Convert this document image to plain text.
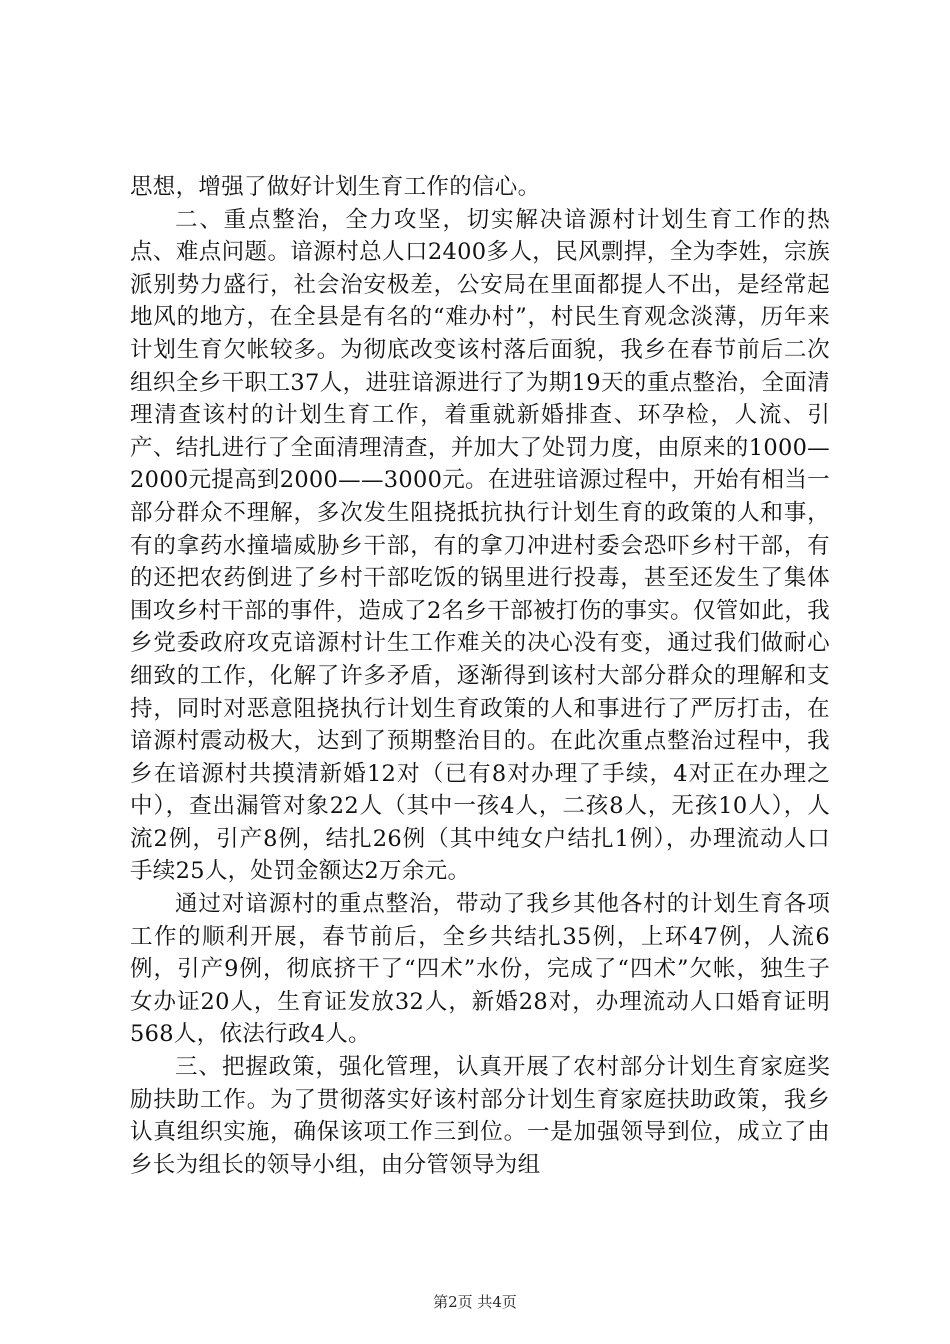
思想，增强了做好计划生育工作的信心。

二、重点整治，全力攻坚，切实解决谙源村计划生育工作的热点、难点问题。谙源村总人口2400多人，民风剽捍，全为李姓，宗族派别势力盛行，社会治安极差，公安局在里面都提人不出，是经常起地风的地方，在全县是有名的“难办村”，村民生育观念淡薄，历年来计划生育欠帐较多。为彻底改变该村落后面貌，我乡在春节前后二次组织全乡干职工37人，进驻谙源进行了为期19天的重点整治，全面清理清查该村的计划生育工作，着重就新婚排查、环孕检，人流、引产、结扎进行了全面清理清查，并加大了处罚力度，由原来的1000—2000元提高到2000——3000元。在进驻谙源过程中，开始有相当一部分群众不理解，多次发生阻挠抵抗执行计划生育的政策的人和事，有的拿药水撞墙威胁乡干部，有的拿刀冲进村委会恐吓乡村干部，有的还把农药倒进了乡村干部吃饭的锅里进行投毒，甚至还发生了集体围攻乡村干部的事件，造成了2名乡干部被打伤的事实。仅管如此，我乡党委政府攻克谙源村计生工作难关的决心没有变，通过我们做耐心细致的工作，化解了许多矛盾，逐渐得到该村大部分群众的理解和支持，同时对恶意阻挠执行计划生育政策的人和事进行了严厉打击，在谙源村震动极大，达到了预期整治目的。在此次重点整治过程中，我乡在谙源村共摸清新婚12对（已有8对办理了手续，4对正在办理之中），查出漏管对象22人（其中一孩4人，二孩8人，无孩10人），人流2例，引产8例，结扎26例（其中纯女户结扎1例），办理流动人口手续25人，处罚金额达2万余元。

通过对谙源村的重点整治，带动了我乡其他各村的计划生育各项工作的顺利开展，春节前后，全乡共结扎35例，上环47例，人流6例，引产9例，彻底挤干了“四术”水份，完成了“四术”欠帐，独生子女办证20人，生育证发放32人，新婚28对，办理流动人口婚育证明568人，依法行政4人。

三、把握政策，强化管理，认真开展了农村部分计划生育家庭奖励扶助工作。为了贯彻落实好该村部分计划生育家庭扶助政策，我乡认真组织实施，确保该项工作三到位。一是加强领导到位，成立了由乡长为组长的领导小组，由分管领导为组

第2页 共4页
